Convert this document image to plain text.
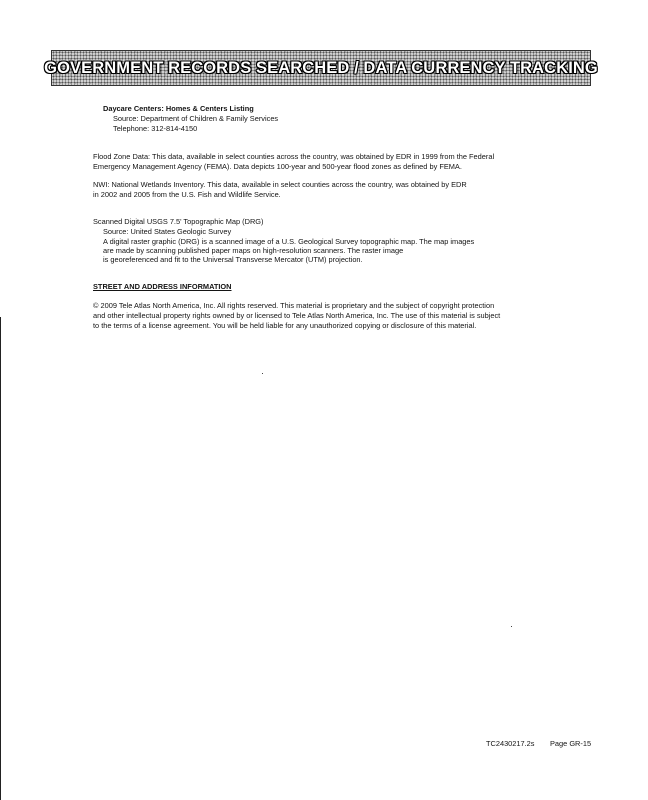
GOVERNMENT RECORDS SEARCHED / DATA CURRENCY TRACKING
Daycare Centers: Homes & Centers Listing
Source: Department of Children & Family Services
Telephone: 312-814-4150
Flood Zone Data: This data, available in select counties across the country, was obtained by EDR in 1999 from the Federal
Emergency Management Agency (FEMA). Data depicts 100-year and 500-year flood zones as defined by FEMA.
NWI: National Wetlands Inventory. This data, available in select counties across the country, was obtained by EDR
in 2002 and 2005 from the U.S. Fish and Wildlife Service.
Scanned Digital USGS 7.5' Topographic Map (DRG)
Source: United States Geologic Survey
A digital raster graphic (DRG) is a scanned image of a U.S. Geological Survey topographic map. The map images
are made by scanning published paper maps on high-resolution scanners. The raster image
is georeferenced and fit to the Universal Transverse Mercator (UTM) projection.
STREET AND ADDRESS INFORMATION
© 2009 Tele Atlas North America, Inc. All rights reserved. This material is proprietary and the subject of copyright protection
and other intellectual property rights owned by or licensed to Tele Atlas North America, Inc. The use of this material is subject
to the terms of a license agreement. You will be held liable for any unauthorized copying or disclosure of this material.
TC2430217.2s Page GR-15
